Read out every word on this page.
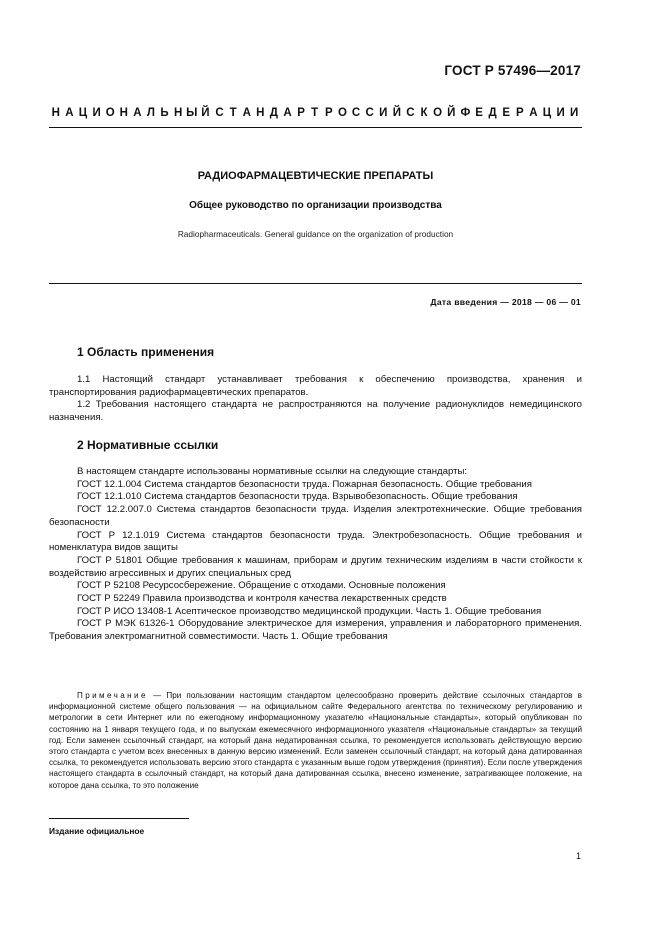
ГОСТ Р 57496—2017
Н А Ц И О Н А Л Ь Н Ы Й С Т А Н Д А Р Т Р О С С И Й С К О Й Ф Е Д Е Р А Ц И И
РАДИОФАРМАЦЕВТИЧЕСКИЕ ПРЕПАРАТЫ
Общее руководство по организации производства
Radiopharmaceuticals. General guidance on the organization of production
Дата введения — 2018 — 06 — 01
1 Область применения

1.1 Настоящий стандарт устанавливает требования к обеспечению производства, хранения и транспортирования радиофармацевтических препаратов.

1.2 Требования настоящего стандарта не распространяются на получение радионуклидов немедицинского назначения.

2 Нормативные ссылки
В настоящем стандарте использованы нормативные ссылки на следующие стандарты:
ГОСТ 12.1.004 Система стандартов безопасности труда. Пожарная безопасность. Общие требования
ГОСТ 12.1.010 Система стандартов безопасности труда. Взрывобезопасность. Общие требования
ГОСТ 12.2.007.0 Система стандартов безопасности труда. Изделия электротехнические. Общие требования безопасности
ГОСТ Р 12.1.019 Система стандартов безопасности труда. Электробезопасность. Общие требования и номенклатура видов защиты
ГОСТ Р 51801 Общие требования к машинам, приборам и другим техническим изделиям в части стойкости к воздействию агрессивных и других специальных сред
ГОСТ Р 52108 Ресурсосбережение. Обращение с отходами. Основные положения
ГОСТ Р 52249 Правила производства и контроля качества лекарственных средств
ГОСТ Р ИСО 13408-1 Асептическое производство медицинской продукции. Часть 1. Общие требования
ГОСТ Р МЭК 61326-1 Оборудование электрическое для измерения, управления и лабораторного применения. Требования электромагнитной совместимости. Часть 1. Общие требования
Примечание — При пользовании настоящим стандартом целесообразно проверить действие ссылочных стандартов в информационной системе общего пользования — на официальном сайте Федерального агентства по техническому регулированию и метрологии в сети Интернет или по ежегодному информационному указателю «Национальные стандарты», который опубликован по состоянию на 1 января текущего года, и по выпускам ежемесячного информационного указателя «Национальные стандарты» за текущий год. Если заменен ссылочный стандарт, на который дана недатированная ссылка, то рекомендуется использовать действующую версию этого стандарта с учетом всех внесенных в данную версию изменений. Если заменен ссылочный стандарт, на который дана датированная ссылка, то рекомендуется использовать версию этого стандарта с указанным выше годом утверждения (принятия). Если после утверждения настоящего стандарта в ссылочный стандарт, на который дана датированная ссылка, внесено изменение, затрагивающее положение, на которое дана ссылка, то это положение
Издание официальное
1
